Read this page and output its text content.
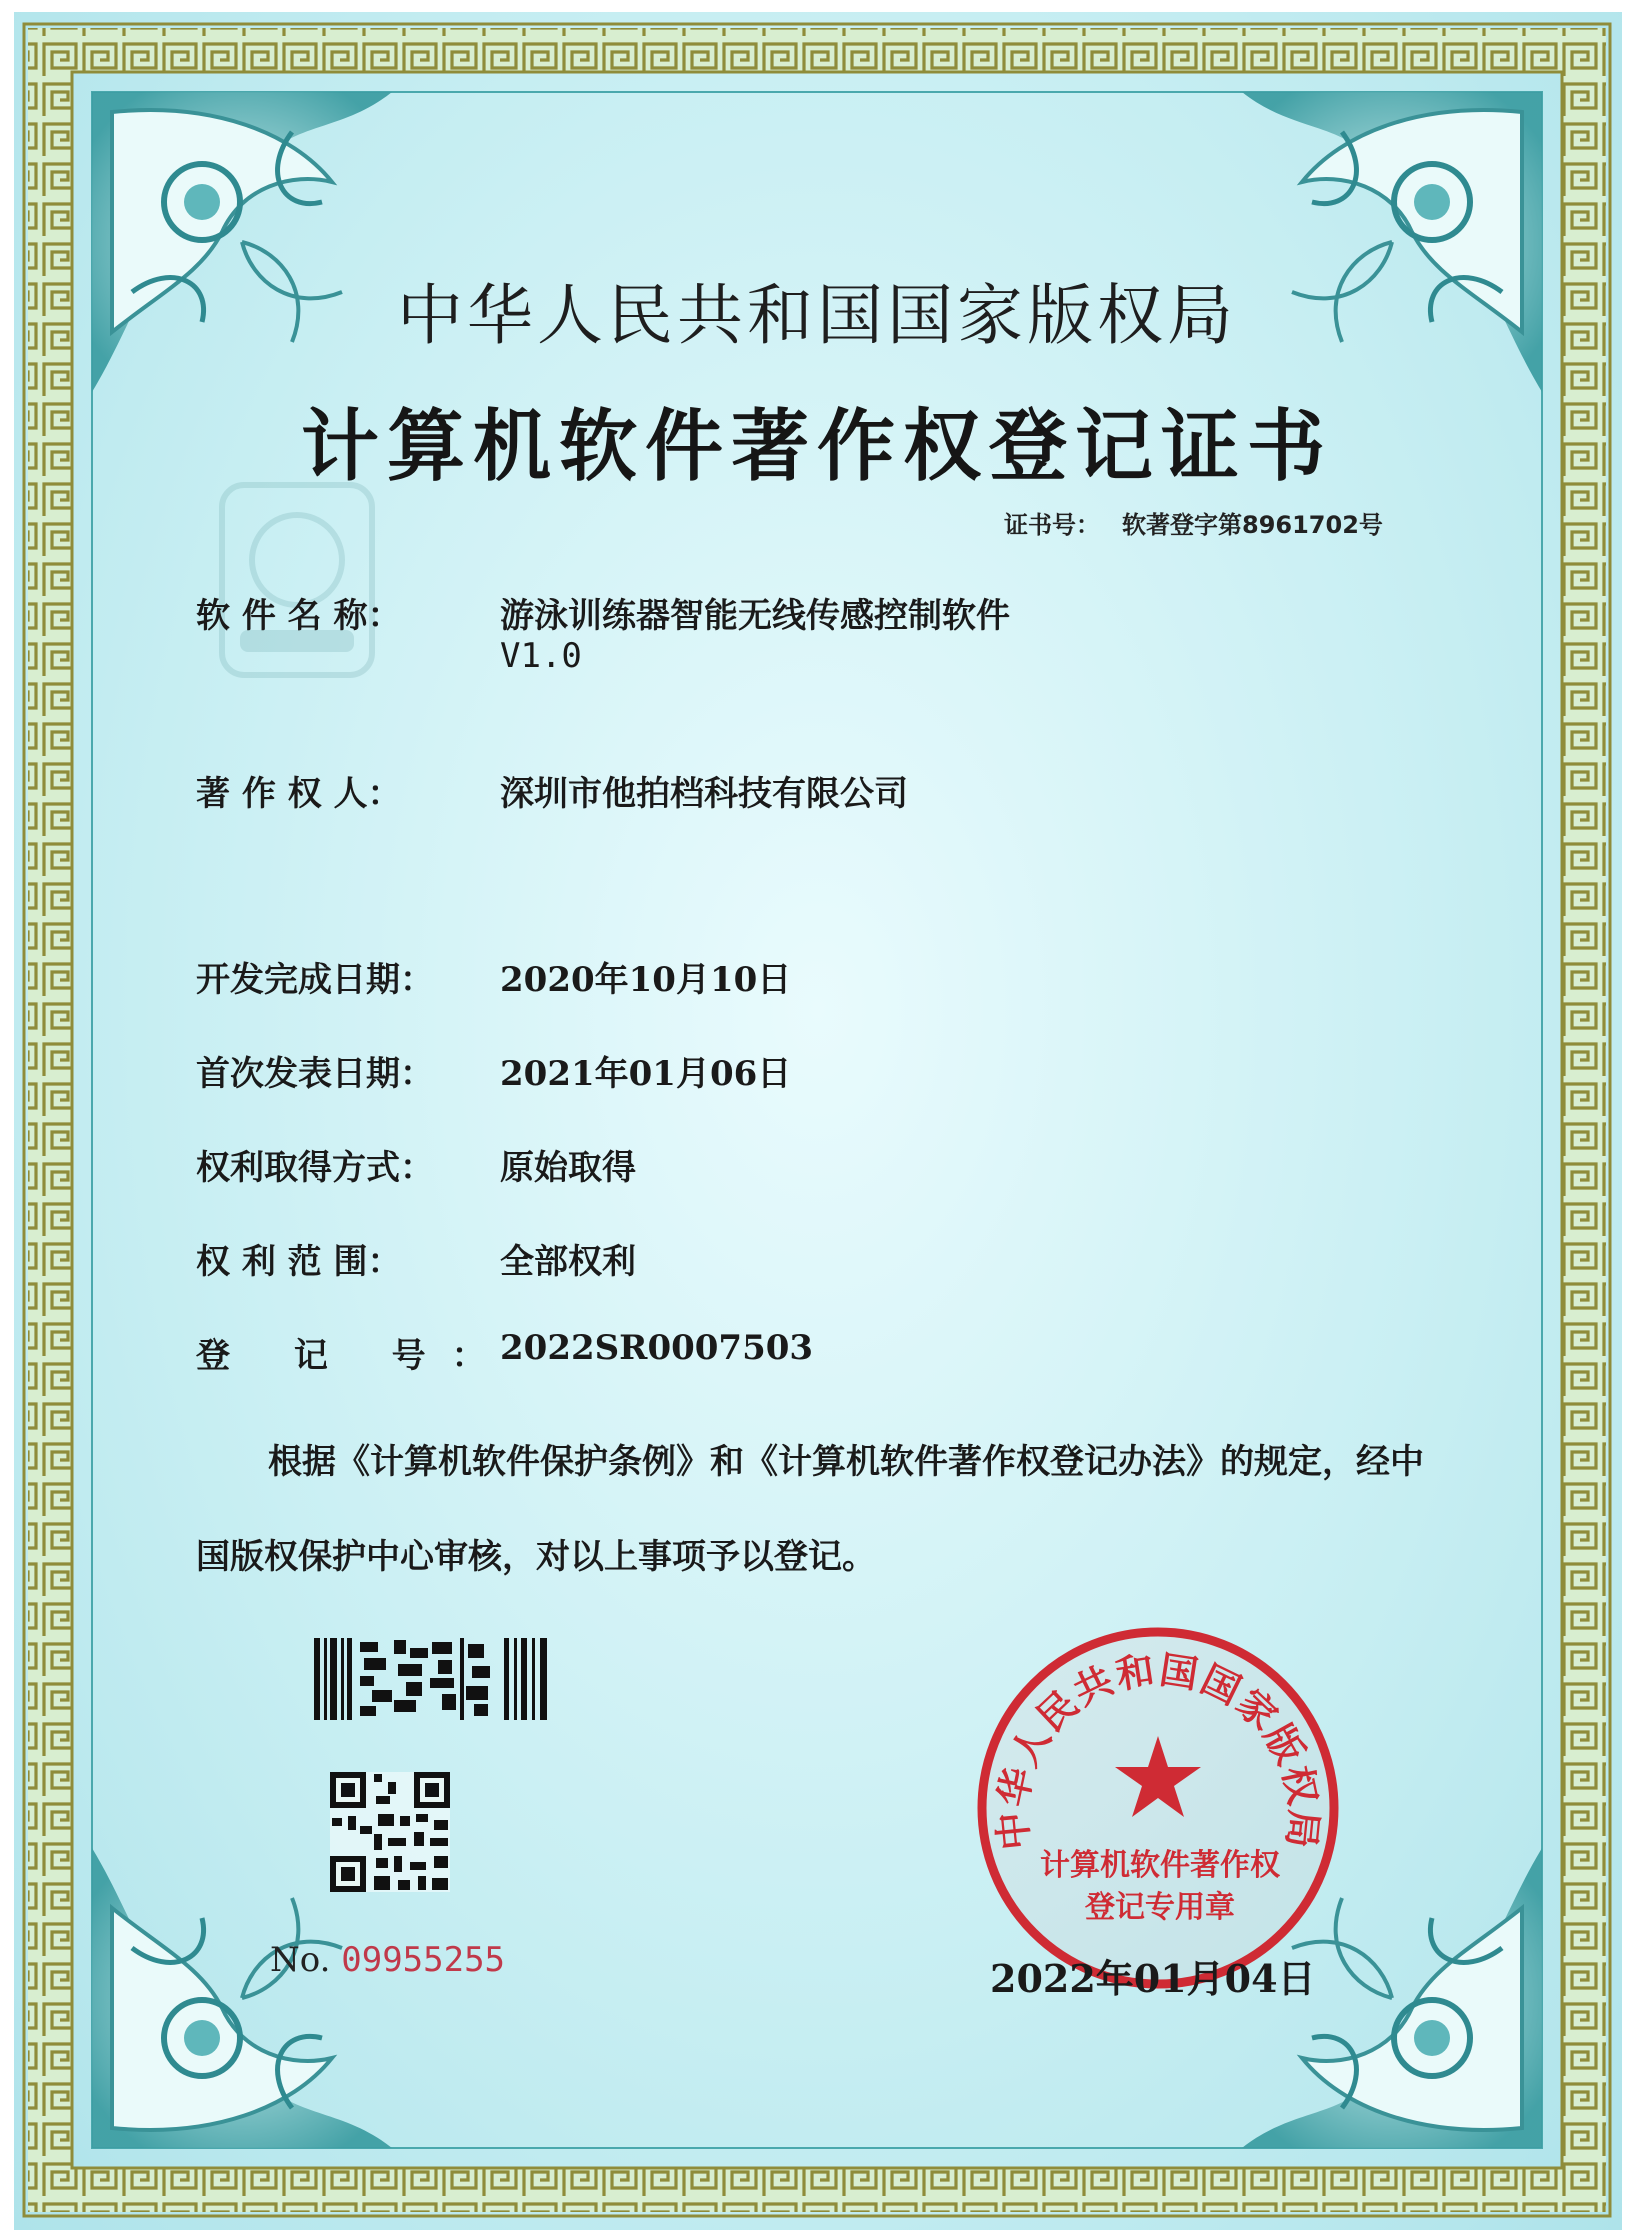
中华人民共和国国家版权局
计算机软件著作权登记证书
证书号： 软著登字第8961702号
软 件 名 称：	游泳训练器智能无线传感控制软件
V1.0
著 作 权 人：	深圳市他拍档科技有限公司
开发完成日期： 2020年10月10日
首次发表日期： 2021年01月06日
权利取得方式： 原始取得
权 利 范 围：	全部权利
登 记 号：
2022SR0007503
根据《计算机软件保护条例》和《计算机软件著作权登记办法》的规定，经中国版权保护中心审核，对以上事项予以登记。
No. 09955255
中华人民共和国国家版权局
计算机软件著作权
登记专用章
2022年01月04日
